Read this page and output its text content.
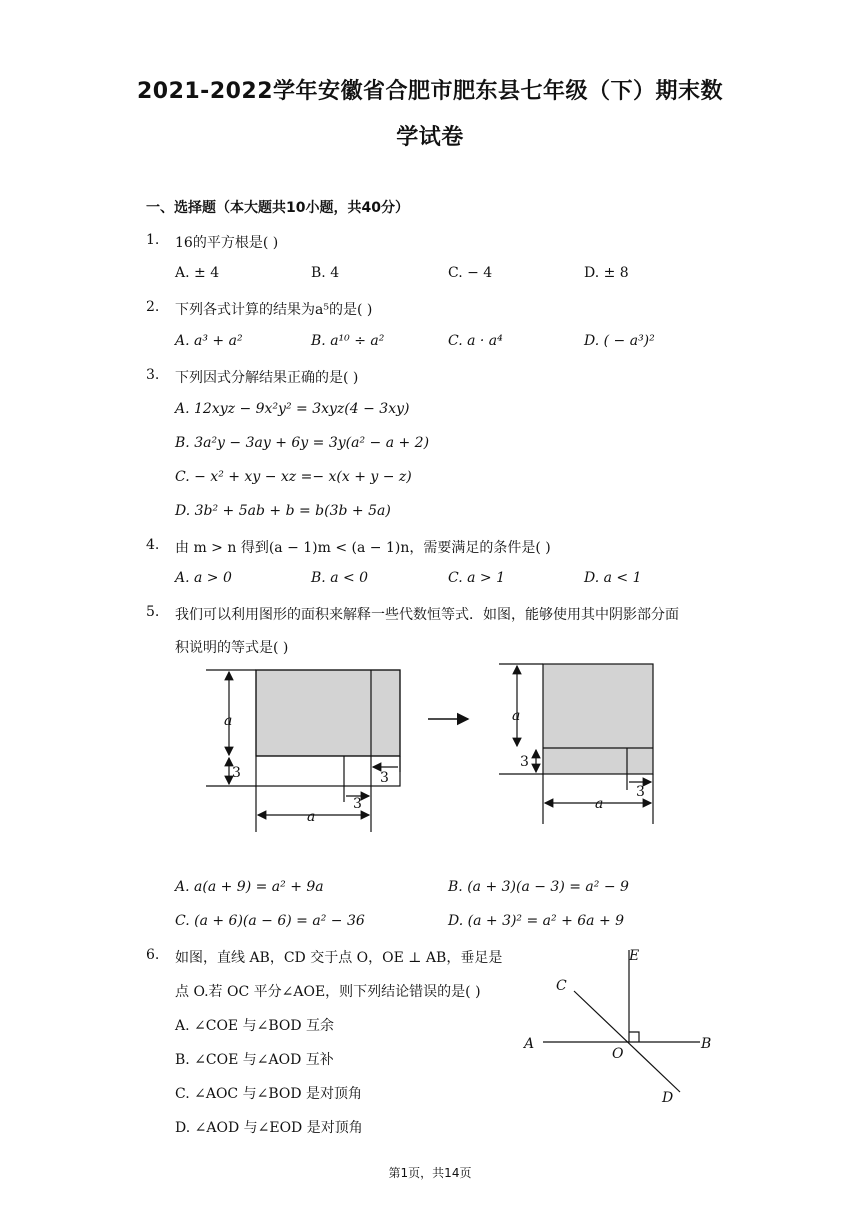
2021-2022学年安徽省合肥市肥东县七年级（下）期末数
学试卷
一、选择题（本大题共10小题，共40分）
1. 16的平方根是( )
A. ± 4	B. 4	C. − 4	D. ± 8
2. 下列各式计算的结果为a⁵的是( )
A. a³ + a²	B. a¹⁰ ÷ a²	C. a · a⁴	D. ( − a³)²
3. 下列因式分解结果正确的是( )
A. 12xyz − 9x²y² = 3xyz(4 − 3xy)
B. 3a²y − 3ay + 6y = 3y(a² − a + 2)
C. − x² + xy − xz =− x(x + y − z)
D. 3b² + 5ab + b = b(3b + 5a)
4. 由 m > n 得到(a − 1)m < (a − 1)n，需要满足的条件是( )
A. a > 0	B. a < 0	C. a > 1	D. a < 1
5. 我们可以利用图形的面积来解释一些代数恒等式．如图，能够使用其中阴影部分面
积说明的等式是( )
a
3
a
3
3
a
3
a
3
A. a(a + 9) = a² + 9a	B. (a + 3)(a − 3) = a² − 9
C. (a + 6)(a − 6) = a² − 36	D. (a + 3)² = a² + 6a + 9
6. 如图，直线 AB，CD 交于点 O，OE ⊥ AB，垂足是
点 O.若 OC 平分∠AOE，则下列结论错误的是( )
A. ∠COE 与∠BOD 互余
B. ∠COE 与∠AOD 互补
C. ∠AOC 与∠BOD 是对顶角
D. ∠AOD 与∠EOD 是对顶角
E
C
A	B
O
D
第1页，共14页
